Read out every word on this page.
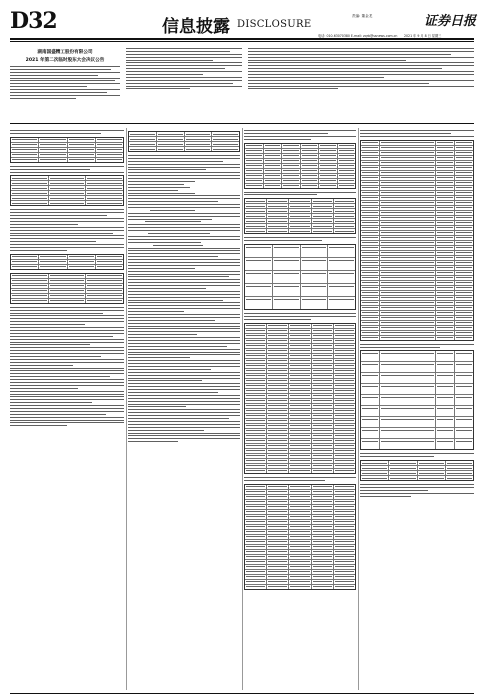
D32	信息披露 DISCLOSURE
责编: 董金龙	证券日报
电话: 010-63070380 E-mail: zqrb@ssnews.com.cn 2021 年 9 月 8 日 星期三
湖南国盛精工股份有限公司
2021 年第二次临时股东大会决议公告
